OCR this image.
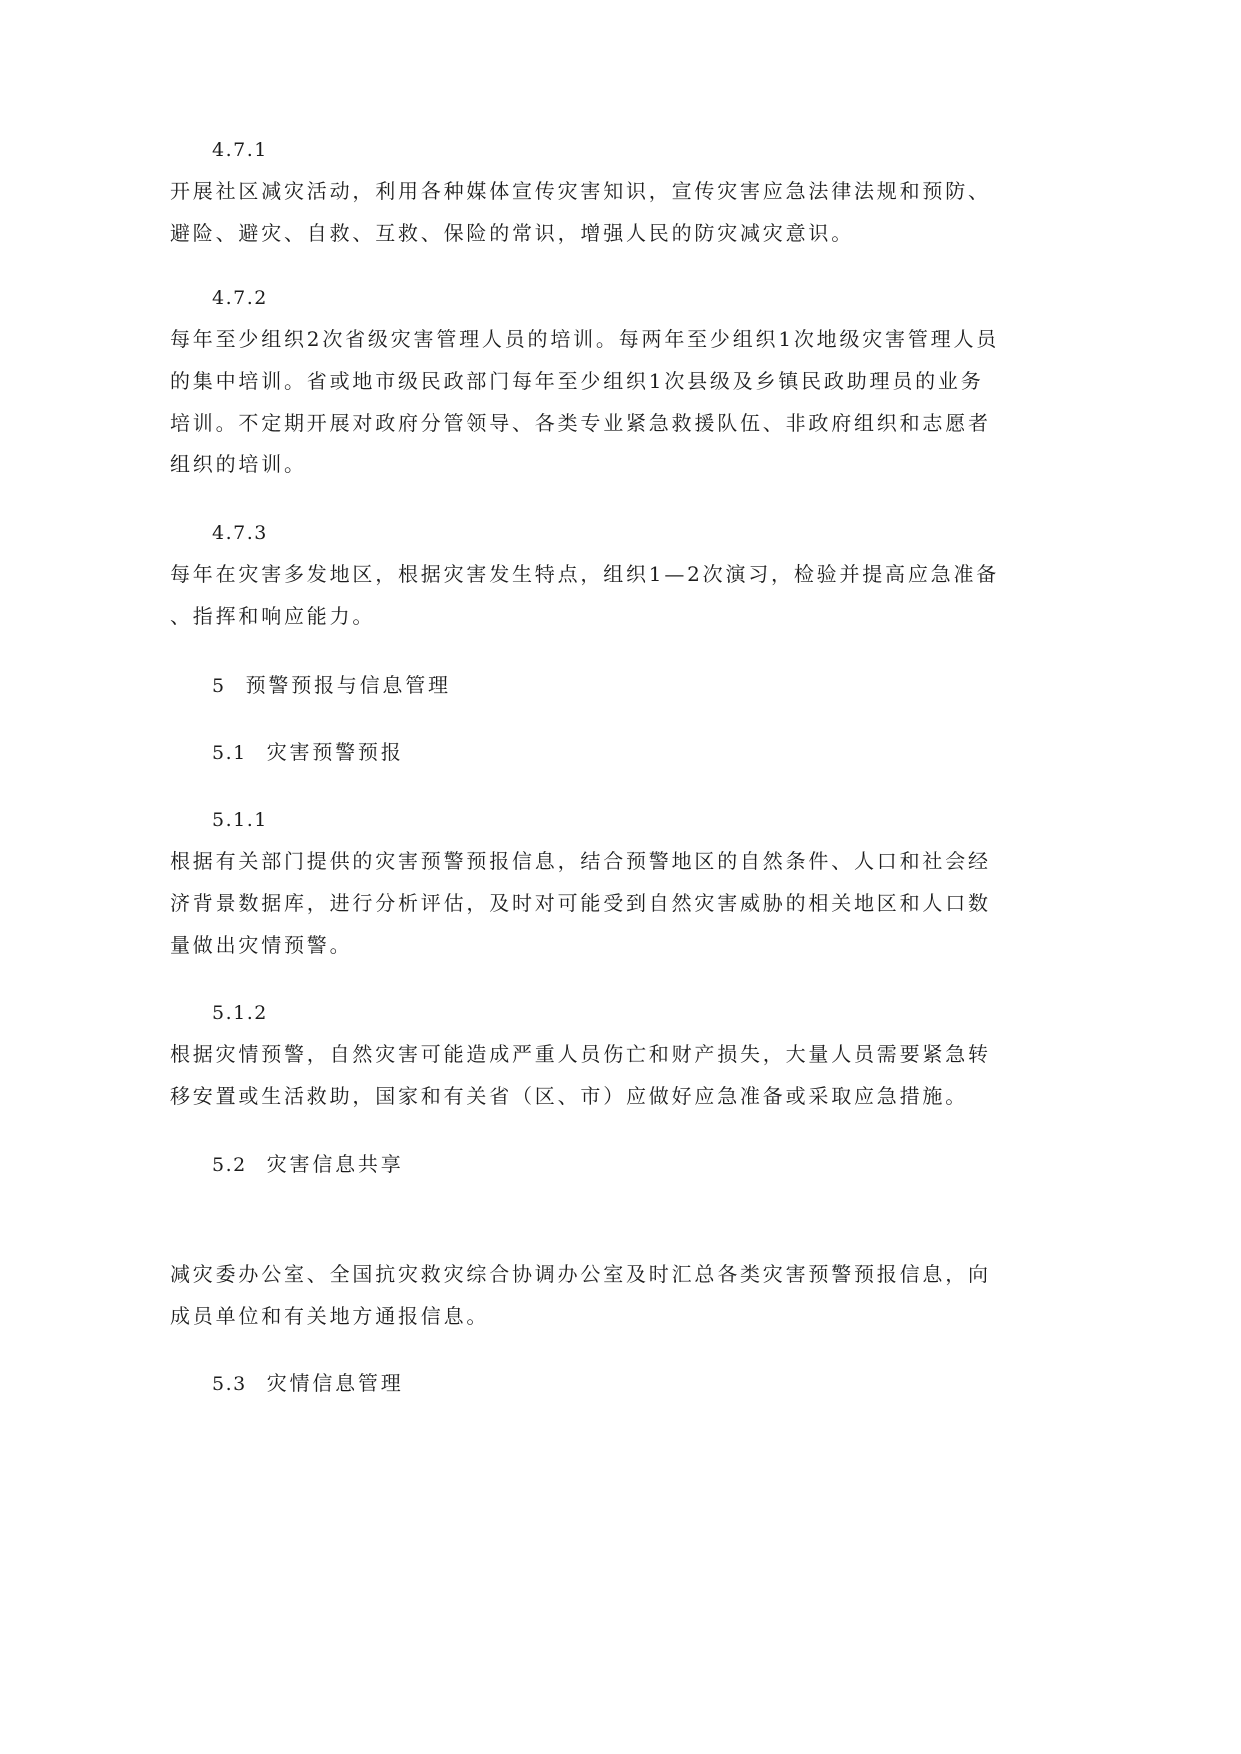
4.7.1
开展社区减灾活动，利用各种媒体宣传灾害知识，宣传灾害应急法律法规和预防、
避险、避灾、自救、互救、保险的常识，增强人民的防灾减灾意识。
4.7.2
每年至少组织2次省级灾害管理人员的培训。每两年至少组织1次地级灾害管理人员
的集中培训。省或地市级民政部门每年至少组织1次县级及乡镇民政助理员的业务
培训。不定期开展对政府分管领导、各类专业紧急救援队伍、非政府组织和志愿者
组织的培训。
4.7.3
每年在灾害多发地区，根据灾害发生特点，组织1—2次演习，检验并提高应急准备
、指挥和响应能力。
5 预警预报与信息管理
5.1 灾害预警预报
5.1.1
根据有关部门提供的灾害预警预报信息，结合预警地区的自然条件、人口和社会经
济背景数据库，进行分析评估，及时对可能受到自然灾害威胁的相关地区和人口数
量做出灾情预警。
5.1.2
根据灾情预警，自然灾害可能造成严重人员伤亡和财产损失，大量人员需要紧急转
移安置或生活救助，国家和有关省（区、市）应做好应急准备或采取应急措施。
5.2 灾害信息共享
减灾委办公室、全国抗灾救灾综合协调办公室及时汇总各类灾害预警预报信息，向
成员单位和有关地方通报信息。
5.3 灾情信息管理
